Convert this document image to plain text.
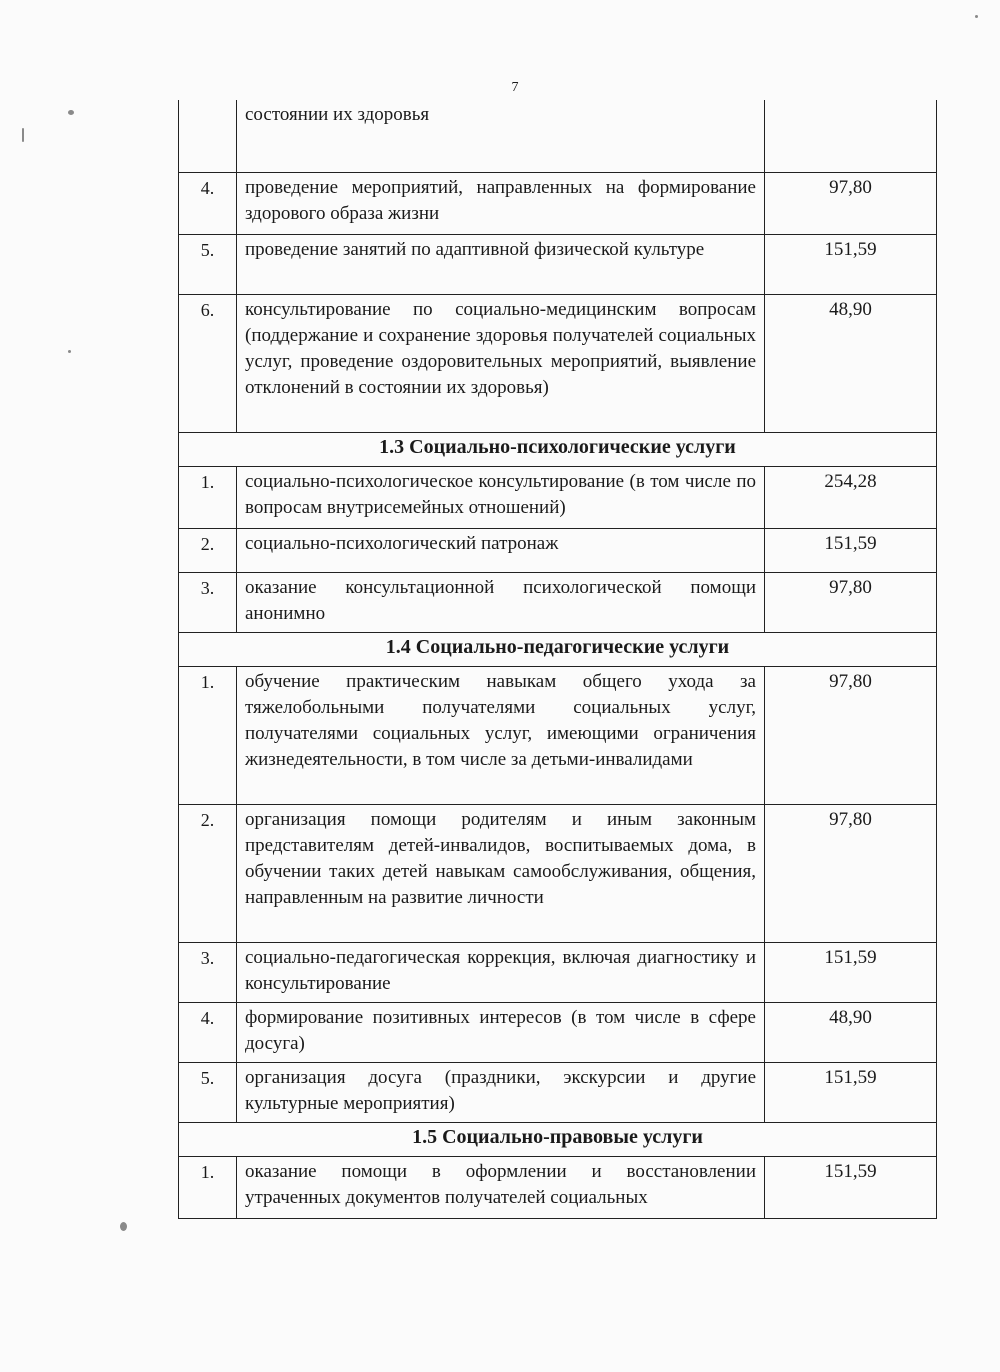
7
	состоянии их здоровья	
4.	проведение мероприятий, направленных на формирование здорового образа жизни	97,80
5.	проведение занятий по адаптивной физической культуре	151,59
6.	консультирование по социально-медицинским вопросам (поддержание и сохранение здоровья получателей социальных услуг, проведение оздоровительных мероприятий, выявление отклонений в состоянии их здоровья)	48,90
1.3 Социально-психологические услуги		
1.	социально-психологическое консультирование (в том числе по вопросам внутрисемейных отношений)	254,28
2.	социально-психологический патронаж	151,59
3.	оказание консультационной психологической помощи анонимно	97,80
1.4 Социально-педагогические услуги		
1.	обучение практическим навыкам общего ухода за тяжелобольными получателями социальных услуг, получателями социальных услуг, имеющими ограничения жизнедеятельности, в том числе за детьми-инвалидами	97,80
2.	организация помощи родителям и иным законным представителям детей-инвалидов, воспитываемых дома, в обучении таких детей навыкам самообслуживания, общения, направленным на развитие личности	97,80
3.	социально-педагогическая коррекция, включая диагностику и консультирование	151,59
4.	формирование позитивных интересов (в том числе в сфере досуга)	48,90
5.	организация досуга (праздники, экскурсии и другие культурные мероприятия)	151,59
1.5 Социально-правовые услуги		
1.	оказание помощи в оформлении и восстановлении утраченных документов получателей социальных	151,59
